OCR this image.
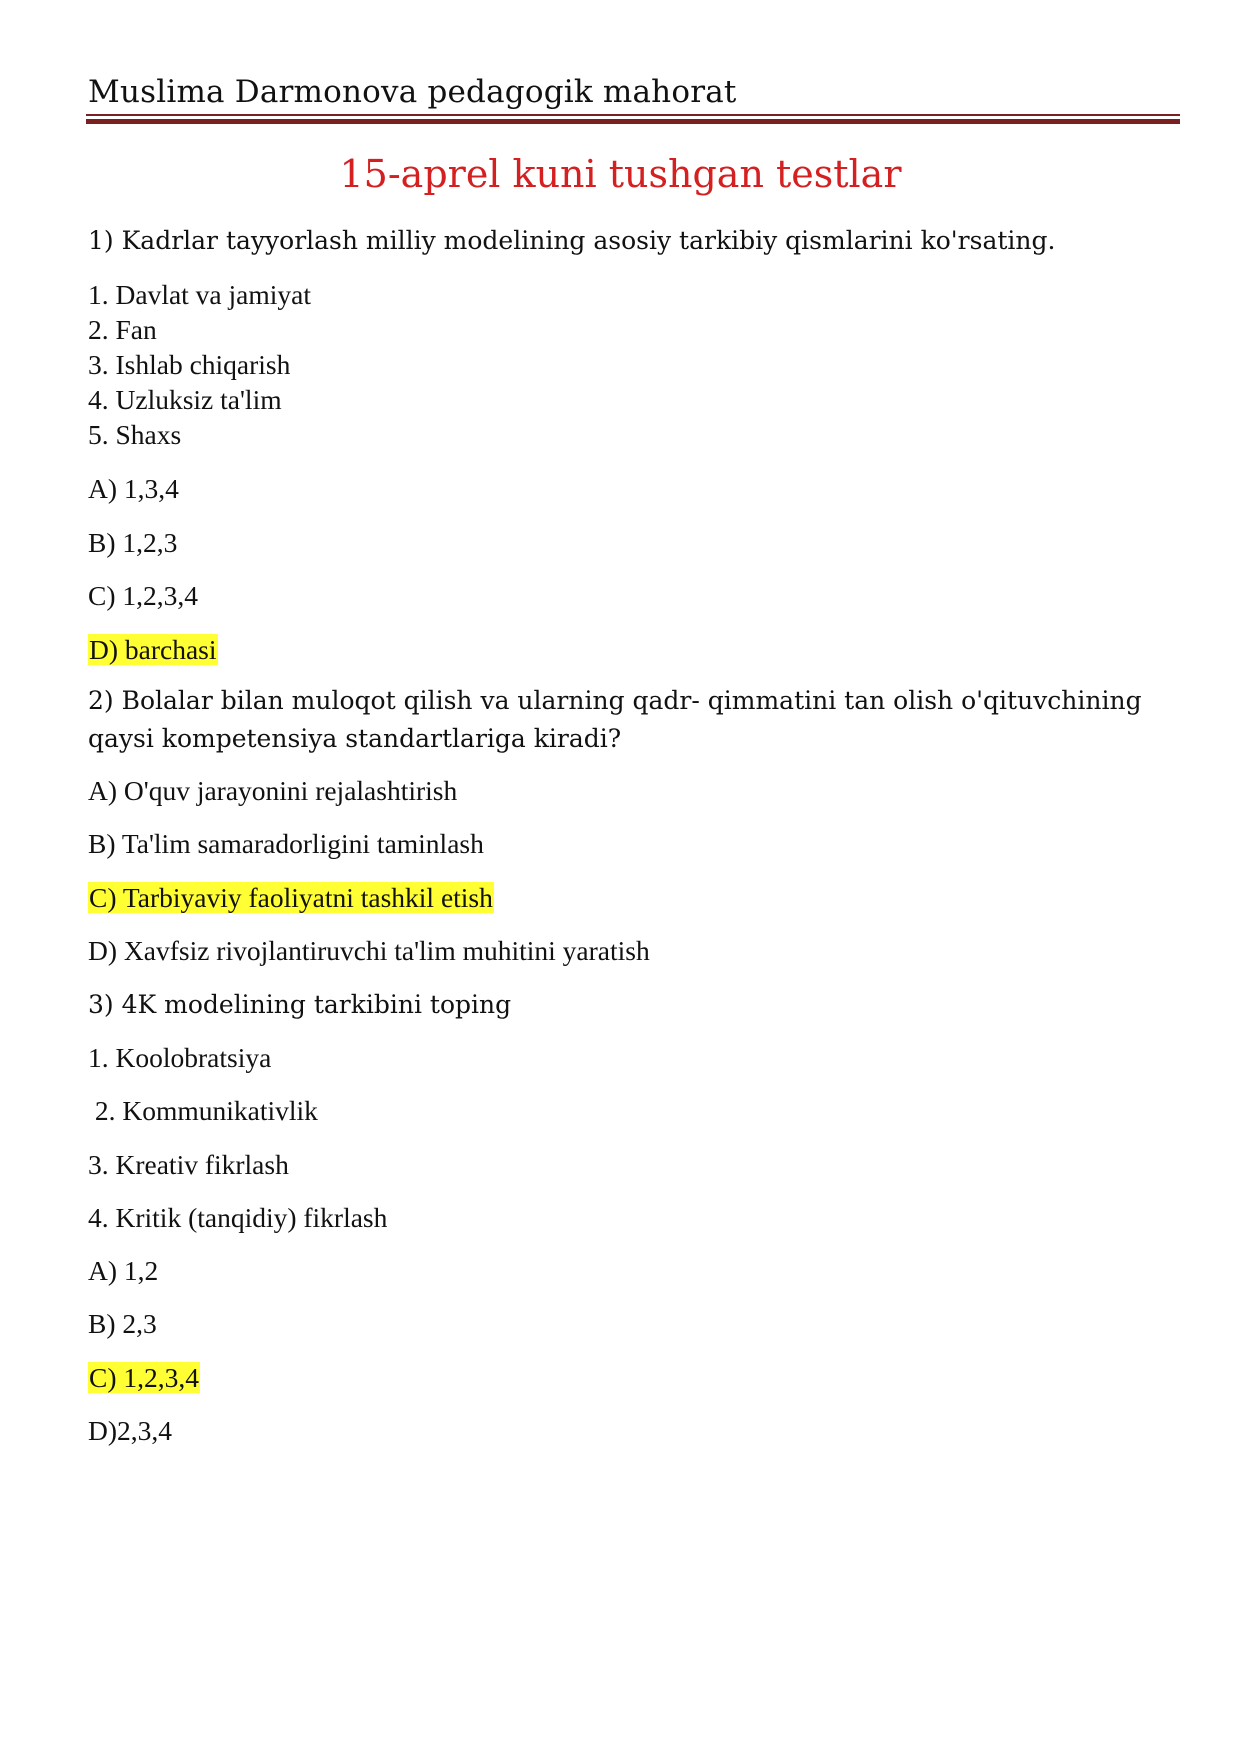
Muslima Darmonova pedagogik mahorat
15-aprel kuni tushgan testlar
1) Kadrlar tayyorlash milliy modelining asosiy tarkibiy qismlarini ko'rsating.
1. Davlat va jamiyat
2. Fan
3. Ishlab chiqarish
4. Uzluksiz ta'lim
5. Shaxs
A) 1,3,4
B) 1,2,3
C) 1,2,3,4
D) barchasi
2) Bolalar bilan muloqot qilish va ularning qadr- qimmatini tan olish o'qituvchining qaysi kompetensiya standartlariga kiradi?
A) O'quv jarayonini rejalashtirish
B) Ta'lim samaradorligini taminlash
C) Tarbiyaviy faoliyatni tashkil etish
D) Xavfsiz rivojlantiruvchi ta'lim muhitini yaratish
3) 4K modelining tarkibini toping
1. Koolobratsiya
2. Kommunikativlik
3. Kreativ fikrlash
4. Kritik (tanqidiy) fikrlash
A) 1,2
B) 2,3
C) 1,2,3,4
D)2,3,4
